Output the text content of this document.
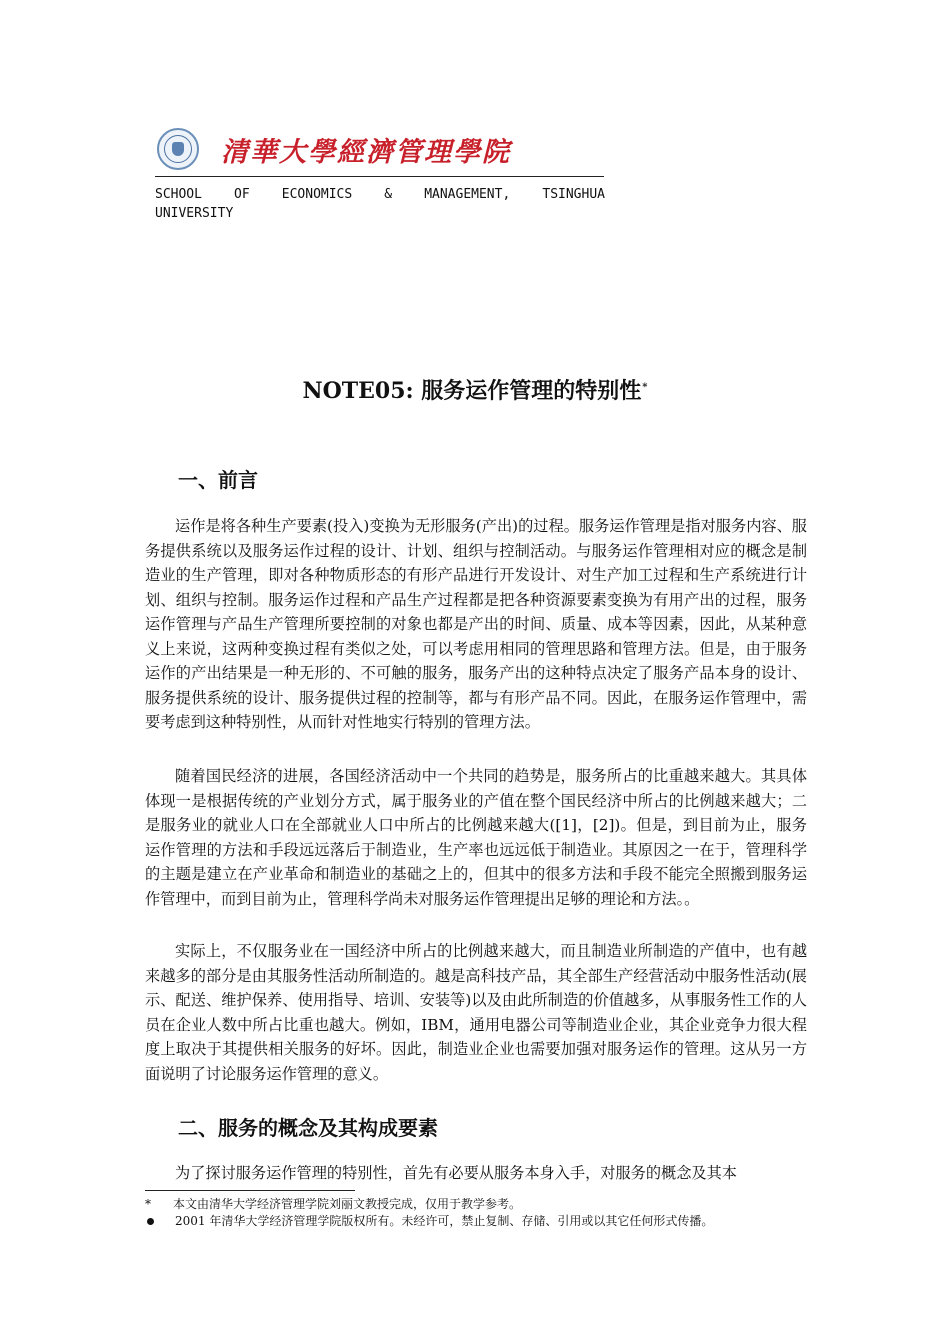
清華大學經濟管理學院
SCHOOL OF ECONOMICS & MANAGEMENT, TSINGHUA
UNIVERSITY
NOTE05: 服务运作管理的特别性*
一、前言
运作是将各种生产要素(投入)变换为无形服务(产出)的过程。服务运作管理是指对服务内容、服务提供系统以及服务运作过程的设计、计划、组织与控制活动。与服务运作管理相对应的概念是制造业的生产管理，即对各种物质形态的有形产品进行开发设计、对生产加工过程和生产系统进行计划、组织与控制。服务运作过程和产品生产过程都是把各种资源要素变换为有用产出的过程，服务运作管理与产品生产管理所要控制的对象也都是产出的时间、质量、成本等因素，因此，从某种意义上来说，这两种变换过程有类似之处，可以考虑用相同的管理思路和管理方法。但是，由于服务运作的产出结果是一种无形的、不可触的服务，服务产出的这种特点决定了服务产品本身的设计、服务提供系统的设计、服务提供过程的控制等，都与有形产品不同。因此，在服务运作管理中，需要考虑到这种特别性，从而针对性地实行特别的管理方法。
随着国民经济的进展，各国经济活动中一个共同的趋势是，服务所占的比重越来越大。其具体体现一是根据传统的产业划分方式，属于服务业的产值在整个国民经济中所占的比例越来越大；二是服务业的就业人口在全部就业人口中所占的比例越来越大([1]，[2])。但是，到目前为止，服务运作管理的方法和手段远远落后于制造业，生产率也远远低于制造业。其原因之一在于，管理科学的主题是建立在产业革命和制造业的基础之上的，但其中的很多方法和手段不能完全照搬到服务运作管理中，而到目前为止，管理科学尚未对服务运作管理提出足够的理论和方法。。
实际上，不仅服务业在一国经济中所占的比例越来越大，而且制造业所制造的产值中，也有越来越多的部分是由其服务性活动所制造的。越是高科技产品，其全部生产经营活动中服务性活动(展示、配送、维护保养、使用指导、培训、安装等)以及由此所制造的价值越多，从事服务性工作的人员在企业人数中所占比重也越大。例如，IBM，通用电器公司等制造业企业，其企业竞争力很大程度上取决于其提供相关服务的好坏。因此，制造业企业也需要加强对服务运作的管理。这从另一方面说明了讨论服务运作管理的意义。
二、服务的概念及其构成要素
为了探讨服务运作管理的特别性，首先有必要从服务本身入手，对服务的概念及其本
* 本文由清华大学经济管理学院刘丽文教授完成，仅用于教学参考。
2001 年清华大学经济管理学院版权所有。未经许可，禁止复制、存储、引用或以其它任何形式传播。
